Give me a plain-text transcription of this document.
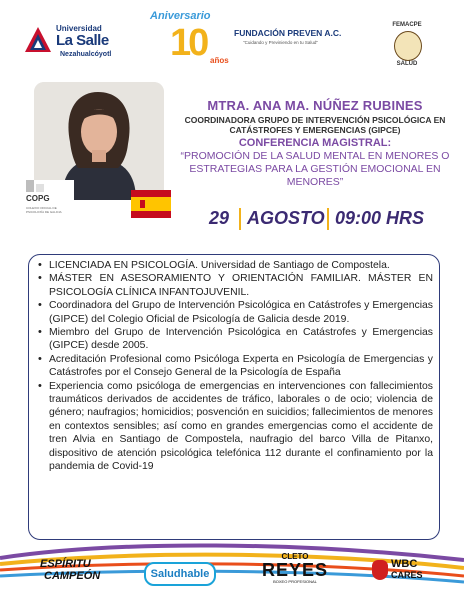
Universidad
La Salle
Nezahualcóyotl
Aniversario
10 años
FUNDACIÓN PREVEN A.C.
"Cuidando y Previniendo en tu Salud"
FEMACPE
SALUD
COPG
COLEXIO OFICIAL DE PSICOLOXÍA DE GALICIA
MTRA. ANA MA. NÚÑEZ RUBINES
COORDINADORA GRUPO DE INTERVENCIÓN PSICOLÓGICA EN CATÁSTROFES Y EMERGENCIAS (GIPCE)
CONFERENCIA MAGISTRAL:
“PROMOCIÓN DE LA SALUD MENTAL EN MENORES O ESTRATEGIAS PARA LA GESTIÓN EMOCIONAL EN MENORES”
29 AGOSTO 09:00 HRS
• LICENCIADA EN PSICOLOGÍA. Universidad de Santiago de Compostela.
• MÁSTER EN ASESORAMIENTO Y ORIENTACIÓN FAMILIAR. MÁSTER EN PSICOLOGÍA CLÍNICA INFANTOJUVENIL.
• Coordinadora del Grupo de Intervención Psicológica en Catástrofes y Emergencias (GIPCE) del Colegio Oficial de Psicología de Galicia desde 2019.
• Miembro del Grupo de Intervención Psicológica en Catástrofes y Emergencias (GIPCE) desde 2005.
• Acreditación Profesional como Psicóloga Experta en Psicología de Emergencias y Catástrofes por el Consejo General de la Psicología de España
• Experiencia como psicóloga de emergencias en intervenciones con fallecimientos traumáticos derivados de accidentes de tráfico, laborales o de ocio; violencia de género; naufragios; homicidios; posvención en suicidios; fallecimientos de menores en contextos sensibles; así como en grandes emergencias como el accidente de tren Alvia en Santiago de Compostela, naufragio del barco Villa de Pitanxo, dispositivo de atención psicológica telefónica 112 durante el confinamiento por la pandemia de Covid-19
ESPÍRITU
CAMPEÓN	Saludhable
CLETO
REYES
BOXEO PROFESIONAL
WBC
CARES
